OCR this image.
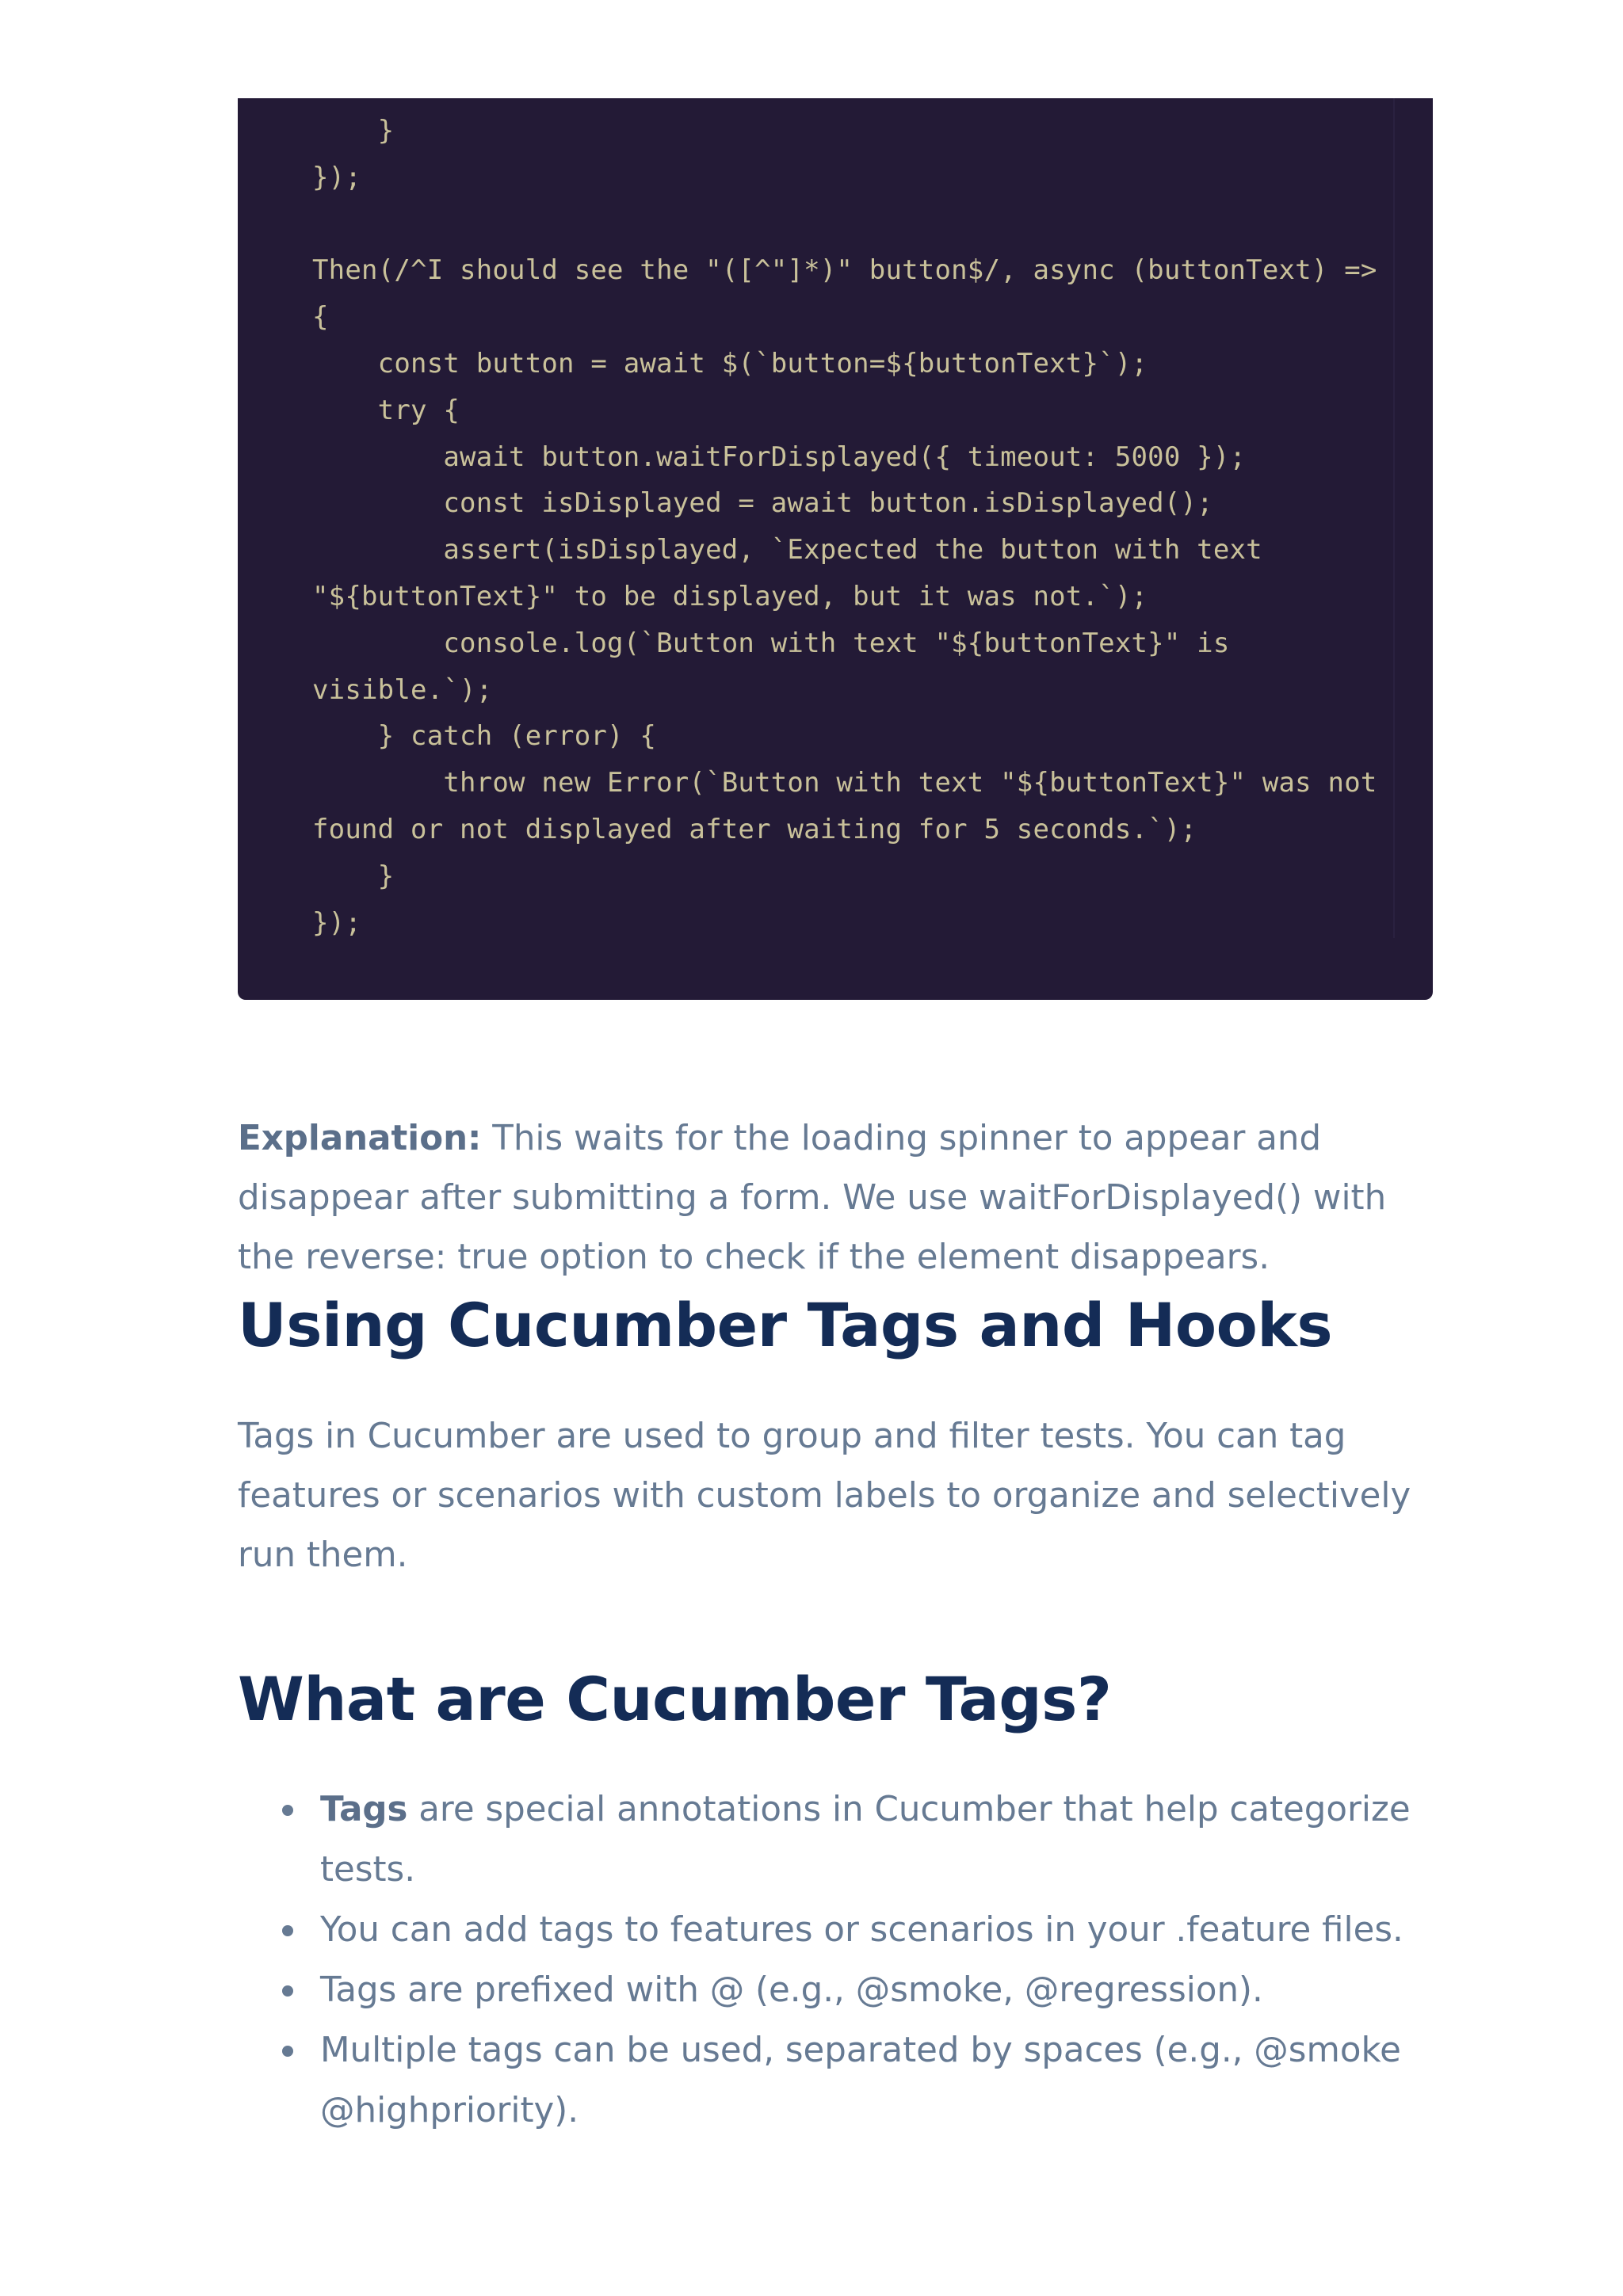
}
});
Then(/^I should see the "([^"]*)" button$/, async (buttonText) =>
{
const button = await $(`button=${buttonText}`);
try {
await button.waitForDisplayed({ timeout: 5000 });
const isDisplayed = await button.isDisplayed();
assert(isDisplayed, `Expected the button with text
"${buttonText}" to be displayed, but it was not.`);
console.log(`Button with text "${buttonText}" is
visible.`);
} catch (error) {
throw new Error(`Button with text "${buttonText}" was not
found or not displayed after waiting for 5 seconds.`);
}
});

Explanation: This waits for the loading spinner to appear and disappear after submitting a form. We use waitForDisplayed() with the reverse: true option to check if the element disappears.

Using Cucumber Tags and Hooks

Tags in Cucumber are used to group and filter tests. You can tag features or scenarios with custom labels to organize and selectively run them.

What are Cucumber Tags?
Tags are special annotations in Cucumber that help categorize tests.
You can add tags to features or scenarios in your .feature files.
Tags are prefixed with @ (e.g., @smoke, @regression).
Multiple tags can be used, separated by spaces (e.g., @smoke @highpriority).
